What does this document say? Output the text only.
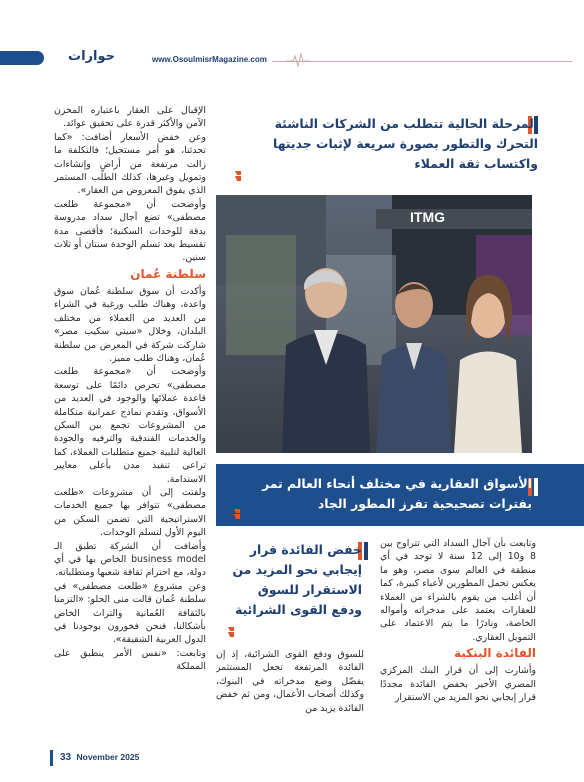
حوارات	www.OsoulmisrMagazine.com
المرحلة الحالية تتطلب من الشركات الناشئة التحرك والتطور بصورة سريعة لإثبات جديتها واكتساب ثقة العملاء
ITMG
الأسواق العقارية في مختلف أنحاء العالم تمر بفترات تصحيحية تفرز المطور الجاد
خفض الفائدة قرار إيجابي نحو المزيد من الاستقرار للسوق ودفع القوى الشرائية

الإقبال على العقار باعتباره المخزن الآمن والأكثر قدرة على تحقيق عوائد.

وعن خفض الأسعار أضافت: «كما تحدثنا، هو أمر مستحيل؛ فالتكلفة ما زالت مرتفعة من أراضٍ وإنشاءات وتمويل وغيرها، كذلك الطلب المستمر الذي يفوق المعروض من العقار».

وأوضحت أن «مجموعة طلعت مصطفى» تضع آجال سداد مدروسة بدقة للوحدات السكنية؛ فأقصى مدة تقسيط بعد تسلم الوحدة سنتان أو ثلاث سنين.

سلطنة عُمان

وأكدت أن سوق سلطنة عُمان سوق واعدة، وهناك طلب ورغبة في الشراء من العديد من العملاء من مختلف البلدان، وخلال «سيتي سكيب مصر» شاركت شركة في المعرض من سلطنة عُمان، وهناك طلب مميز.

وأوضحت أن «مجموعة طلعت مصطفى» تحرص دائمًا على توسعة قاعدة عملائها والوجود في العديد من الأسواق، وتقدم نماذج عمرانية متكاملة من المشروعات تجمع بين السكن والخدمات الفندقية والترفيه والجودة العالية لتلبية جميع متطلبات العملاء، كما تراعي تنفيذ مدن بأعلى معايير الاستدامة.

ولفتت إلى أن مشروعات «طلعت مصطفى» تتوافر بها جميع الخدمات الاستراتيجية التي تضمن السكن من اليوم الأول لتسلم الوحدات.

وأضافت أن الشركة تطبق الـ business model الخاص بها في أي دولة، مع احترام ثقافة شعبها ومتطلباته.

وعن مشروع «طلعت مصطفى» في سلطنة عُمان قالت منى الحلو: «التزمنا بالثقافة العُمانية والتراث الخاص بأشكالنا، فنحن فخورون بوجودنا في الدول العربية الشقيقة».

وتابعت: «نفس الأمر ينطبق على المملكة

للسوق ودفع القوى الشرائية، إذ إن الفائدة المرتفعة تجعل المستثمر يفضّل وضع مدخراته في البنوك، وكذلك أصحاب الأعمال، ومن ثم خفض الفائدة يزيد من

وتابعت بأن آجال السداد التي تتراوح بين 8 و10 إلى 12 سنة لا توجد في أي منطقة في العالم سوى مصر، وهو ما يعكس تحمل المطورين لأعباء كبيرة، كما أن أغلب من يقوم بالشراء من العملاء للعقارات يعتمد على مدخراته وأمواله الخاصة، ونادرًا ما يتم الاعتماد على التمويل العقاري.

الفائدة البنكية

وأشارت إلى أن قرار البنك المركزي المصري الأخير بخفض الفائدة مجددًا قرار إيجابي نحو المزيد من الاستقرار

33 November 2025
